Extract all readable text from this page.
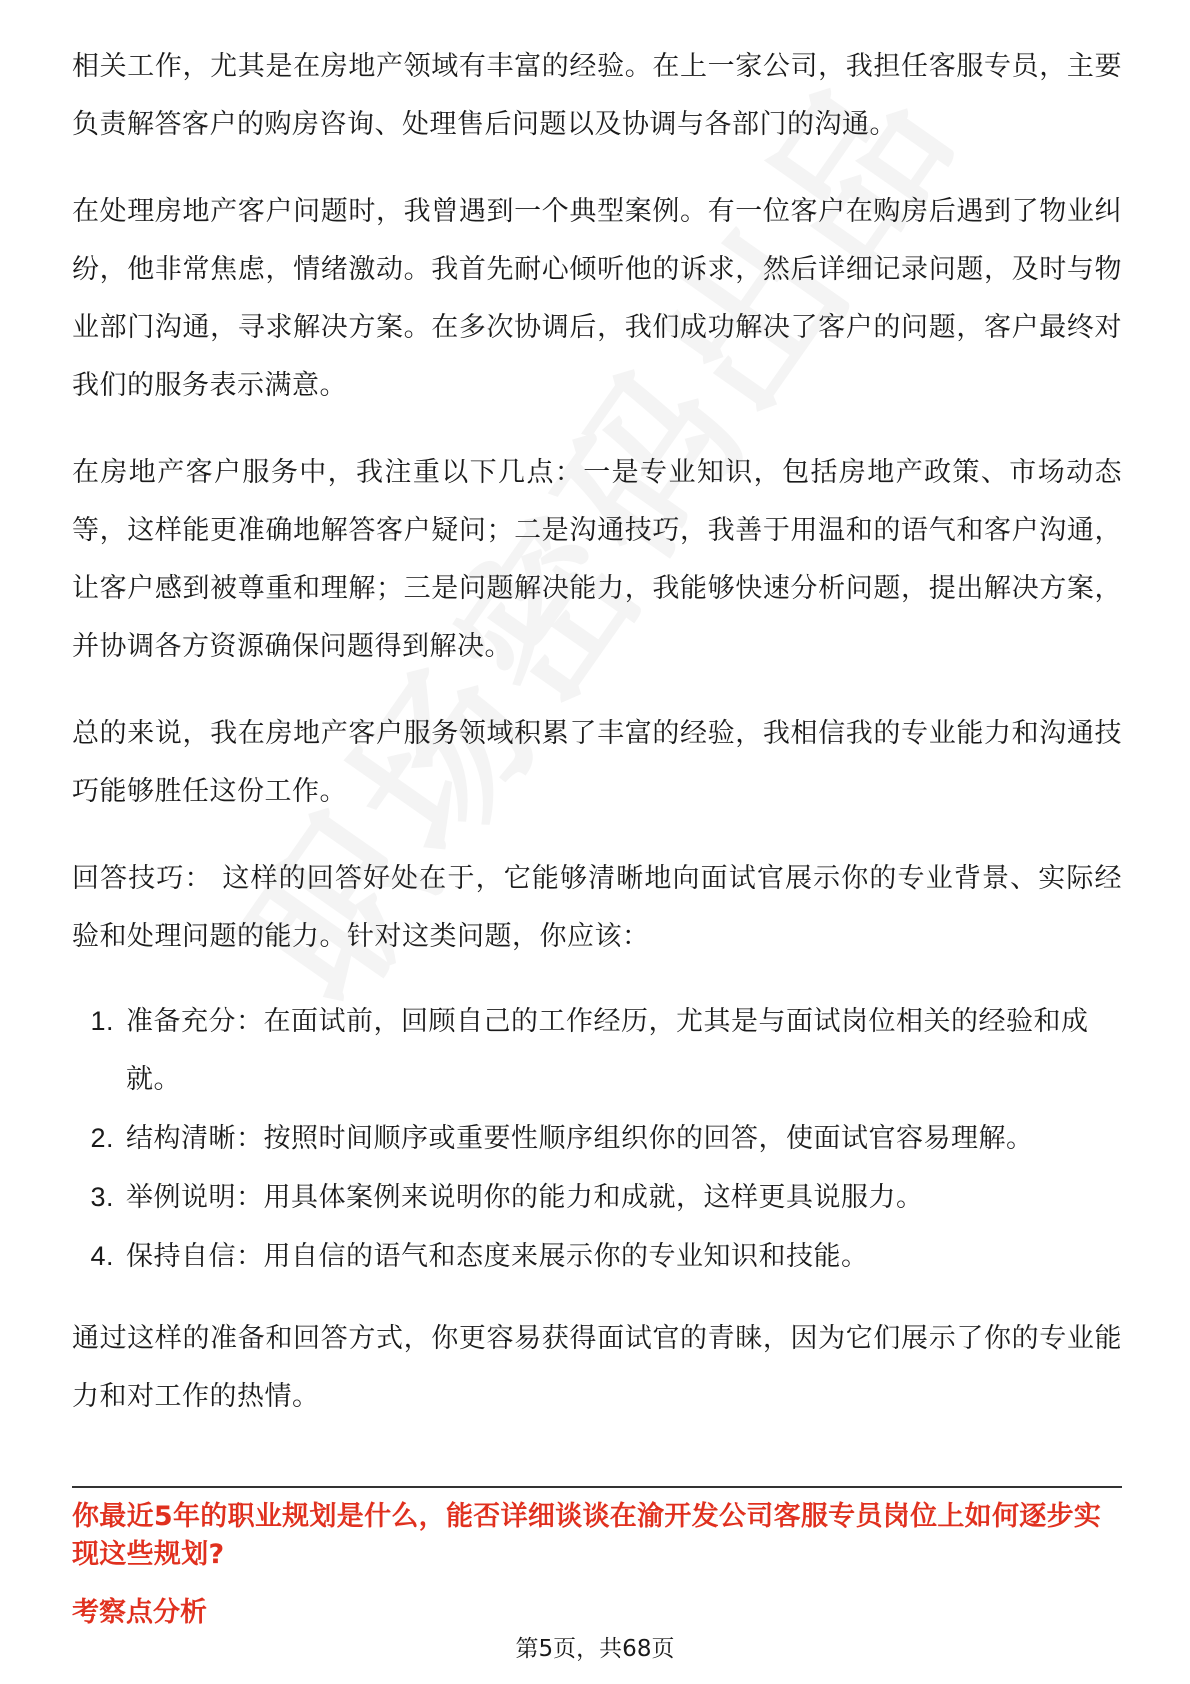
相关工作，尤其是在房地产领域有丰富的经验。在上一家公司，我担任客服专员，主要负责解答客户的购房咨询、处理售后问题以及协调与各部门的沟通。

在处理房地产客户问题时，我曾遇到一个典型案例。有一位客户在购房后遇到了物业纠纷，他非常焦虑，情绪激动。我首先耐心倾听他的诉求，然后详细记录问题，及时与物业部门沟通，寻求解决方案。在多次协调后，我们成功解决了客户的问题，客户最终对我们的服务表示满意。

在房地产客户服务中，我注重以下几点：一是专业知识，包括房地产政策、市场动态等，这样能更准确地解答客户疑问；二是沟通技巧，我善于用温和的语气和客户沟通，让客户感到被尊重和理解；三是问题解决能力，我能够快速分析问题，提出解决方案，并协调各方资源确保问题得到解决。

总的来说，我在房地产客户服务领域积累了丰富的经验，我相信我的专业能力和沟通技巧能够胜任这份工作。

回答技巧： 这样的回答好处在于，它能够清晰地向面试官展示你的专业背景、实际经验和处理问题的能力。针对这类问题，你应该：

1. 准备充分：在面试前，回顾自己的工作经历，尤其是与面试岗位相关的经验和成就。
2. 结构清晰：按照时间顺序或重要性顺序组织你的回答，使面试官容易理解。
3. 举例说明：用具体案例来说明你的能力和成就，这样更具说服力。
4. 保持自信：用自信的语气和态度来展示你的专业知识和技能。

通过这样的准备和回答方式，你更容易获得面试官的青睐，因为它们展示了你的专业能力和对工作的热情。

你最近5年的职业规划是什么，能否详细谈谈在渝开发公司客服专员岗位上如何逐步实现这些规划?
考察点分析
第5页，共68页
